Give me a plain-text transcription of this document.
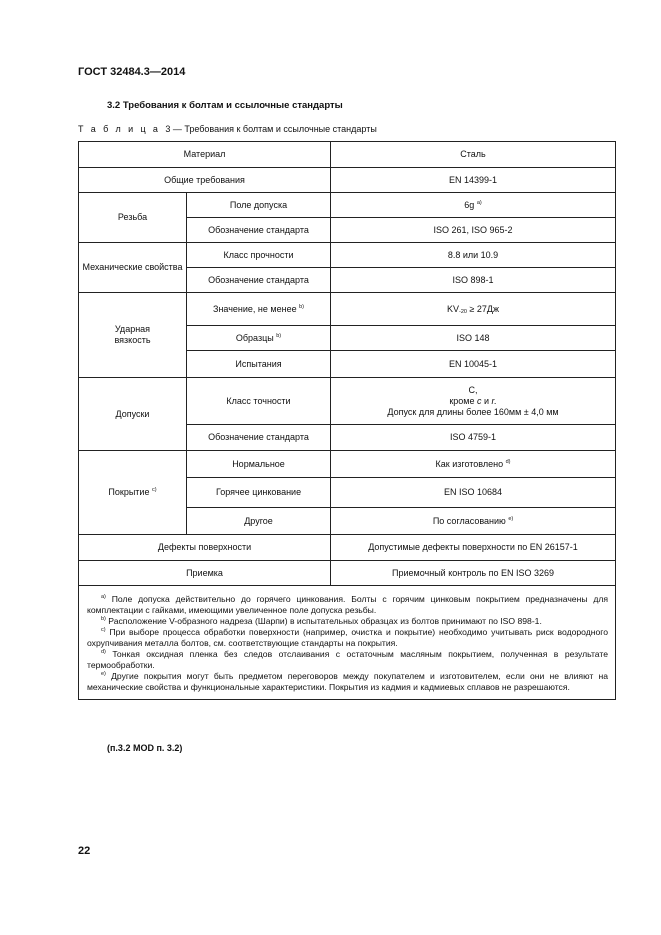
ГОСТ 32484.3—2014
3.2 Требования к болтам и ссылочные стандарты
Т а б л и ц а 3 — Требования к болтам и ссылочные стандарты
Материал		Сталь
Общие требования		EN 14399-1
Резьба	Поле допуска	6g $^{a)}$
	Обозначение стандарта	ISO 261, ISO 965-2
Механические свойства	Класс прочности	8.8 или 10.9
	Обозначение стандарта	ISO 898-1
Ударная
вязкость	Значение, не менее $^{b)}$	$KV_{-20} \ge 27Дж$
	Образцы $^{b)}$	ISO 148
	Испытания	EN 10045-1
Допуски	Класс точности	С,
кроме с и r.
Допуск для длины более 160мм ± 4,0 мм
	Обозначение стандарта	ISO 4759-1
Покрытие $^{c)}$	Нормальное	Как изготовлено $^{d)}$
	Горячее цинкование	EN ISO 10684
	Другое	По согласованию $^{e)}$
Дефекты поверхности		Допустимые дефекты поверхности по EN 26157-1
Приемка		Приемочный контроль по EN ISO 3269

$^{a)}$ Поле допуска действительно до горячего цинкования. Болты с горячим цинковым покрытием предназначены для комплектации с гайками, имеющими увеличенное поле допуска резьбы.

$^{b)}$ Расположение V-образного надреза (Шарпи) в испытательных образцах из болтов принимают по ISO 898-1.

$^{c)}$ При выборе процесса обработки поверхности (например, очистка и покрытие) необходимо учитывать риск водородного охрупчивания металла болтов, см. соответствующие стандарты на покрытия.

$^{d)}$ Тонкая оксидная пленка без следов отслаивания с остаточным масляным покрытием, полученная в результате термообработки.

$^{e)}$ Другие покрытия могут быть предметом переговоров между покупателем и изготовителем, если они не влияют на механические свойства и функциональные характеристики. Покрытия из кадмия и кадмиевых сплавов не разрешаются.		

(п.3.2 MOD п. 3.2)
22
